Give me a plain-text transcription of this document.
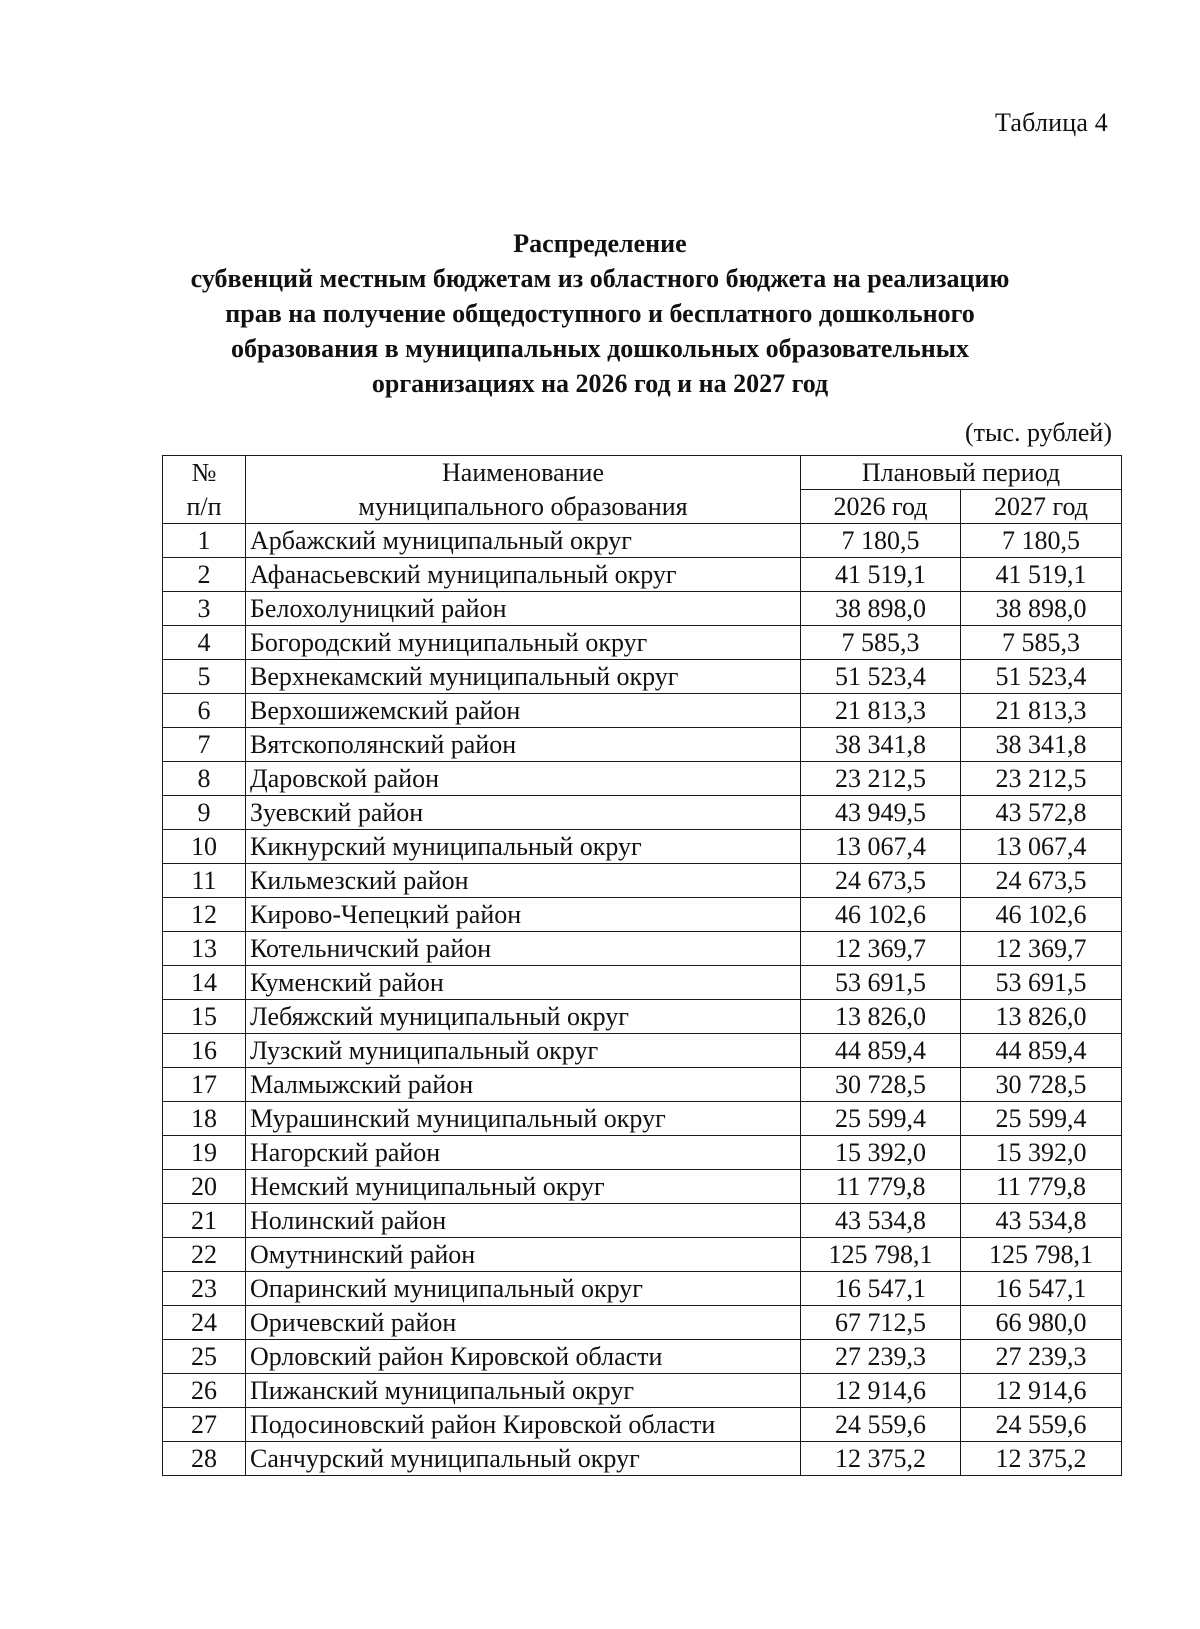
Таблица 4
Распределение
субвенций местным бюджетам из областного бюджета на реализацию
прав на получение общедоступного и бесплатного дошкольного
образования в муниципальных дошкольных образовательных
организациях на 2026 год и на 2027 год
(тыс. рублей)
№	Наименование	Плановый период	
п/п	муниципального образования	2026 год	2027 год
1	Арбажский муниципальный округ	7 180,5	7 180,5
2	Афанасьевский муниципальный округ	41 519,1	41 519,1
3	Белохолуницкий район	38 898,0	38 898,0
4	Богородский муниципальный округ	7 585,3	7 585,3
5	Верхнекамский муниципальный округ	51 523,4	51 523,4
6	Верхошижемский район	21 813,3	21 813,3
7	Вятскополянский район	38 341,8	38 341,8
8	Даровской район	23 212,5	23 212,5
9	Зуевский район	43 949,5	43 572,8
10	Кикнурский муниципальный округ	13 067,4	13 067,4
11	Кильмезский район	24 673,5	24 673,5
12	Кирово-Чепецкий район	46 102,6	46 102,6
13	Котельничский район	12 369,7	12 369,7
14	Куменский район	53 691,5	53 691,5
15	Лебяжский муниципальный округ	13 826,0	13 826,0
16	Лузский муниципальный округ	44 859,4	44 859,4
17	Малмыжский район	30 728,5	30 728,5
18	Мурашинский муниципальный округ	25 599,4	25 599,4
19	Нагорский район	15 392,0	15 392,0
20	Немский муниципальный округ	11 779,8	11 779,8
21	Нолинский район	43 534,8	43 534,8
22	Омутнинский район	125 798,1	125 798,1
23	Опаринский муниципальный округ	16 547,1	16 547,1
24	Оричевский район	67 712,5	66 980,0
25	Орловский район Кировской области	27 239,3	27 239,3
26	Пижанский муниципальный округ	12 914,6	12 914,6
27	Подосиновский район Кировской области	24 559,6	24 559,6
28	Санчурский муниципальный округ	12 375,2	12 375,2
